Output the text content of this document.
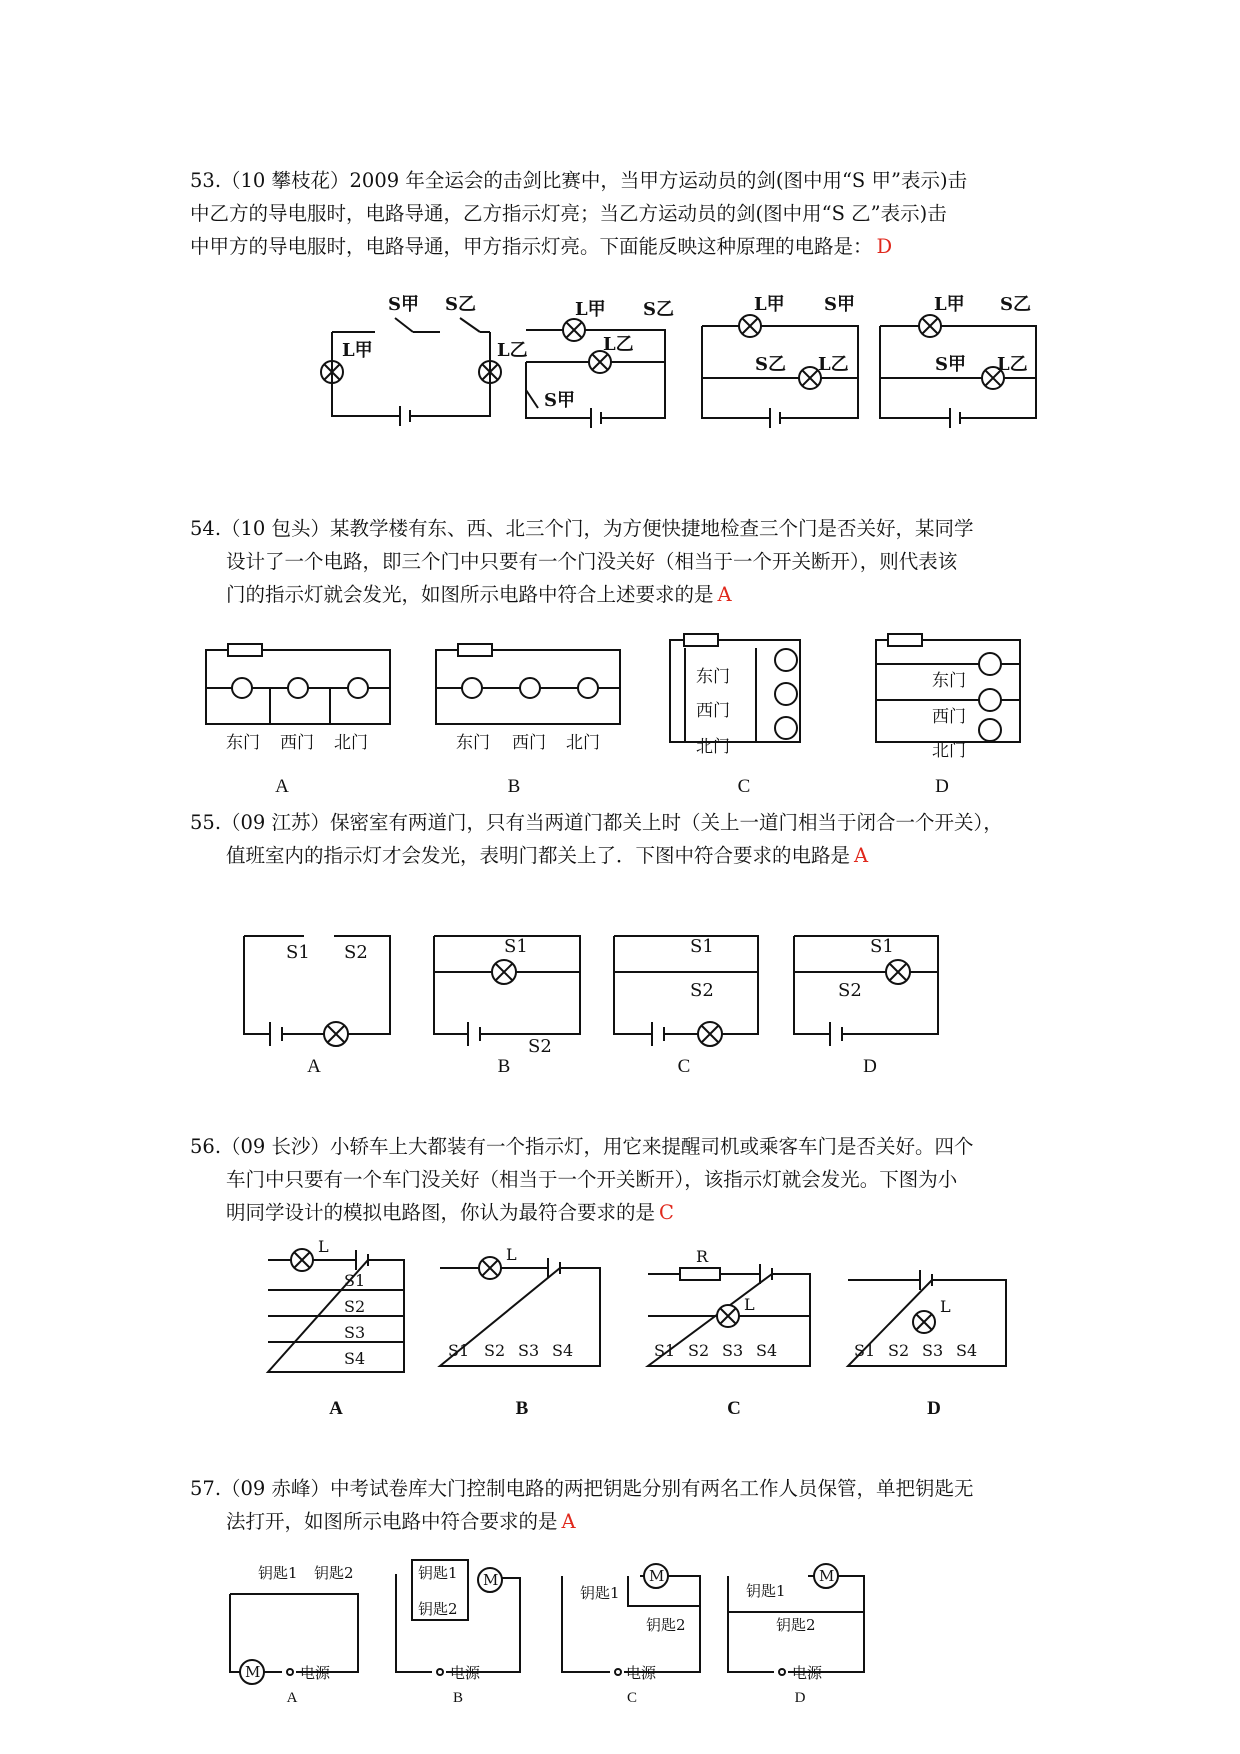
53.（10 攀枝花）2009 年全运会的击剑比赛中，当甲方运动员的剑(图中用“S 甲”表示)击
中乙方的导电服时，电路导通，乙方指示灯亮；当乙方运动员的剑(图中用“S 乙”表示)击
中甲方的导电服时，电路导通，甲方指示灯亮。下面能反映这种原理的电路是： D
S甲 S乙
L甲	L乙
L甲 S乙
L乙
S甲
L甲 S甲
S乙 L乙
L甲 S乙
S甲 L乙
54.（10 包头）某教学楼有东、西、北三个门，为方便快捷地检查三个门是否关好，某同学
设计了一个电路，即三个门中只要有一个门没关好（相当于一个开关断开），则代表该
门的指示灯就会发光，如图所示电路中符合上述要求的是 A
东门 西门 北门	东门 西门 北门
东门
西门
北门
东门
西门
北门
A	B	C	D
55.（09 江苏）保密室有两道门，只有当两道门都关上时（关上一道门相当于闭合一个开关），
值班室内的指示灯才会发光，表明门都关上了．下图中符合要求的电路是 A
S1 S2	S1
S2
S1
S2
S1
S2
A	B	C	D
56.（09 长沙）小轿车上大都装有一个指示灯，用它来提醒司机或乘客车门是否关好。四个
车门中只要有一个车门没关好（相当于一个开关断开），该指示灯就会发光。下图为小
明同学设计的模拟电路图，你认为最符合要求的是 C
L
S1
S2
S3
S4
L
S1 S2 S3 S4
R
L
S1 S2 S3 S4
L
S1 S2 S3 S4
A	B	C	D
57.（09 赤峰）中考试卷库大门控制电路的两把钥匙分别有两名工作人员保管，单把钥匙无
法打开，如图所示电路中符合要求的是 A
M
钥匙1 钥匙2
电源
M
钥匙1
钥匙2
电源
M
钥匙1
钥匙2
电源
M
钥匙1
钥匙2
电源
A	B	C	D
